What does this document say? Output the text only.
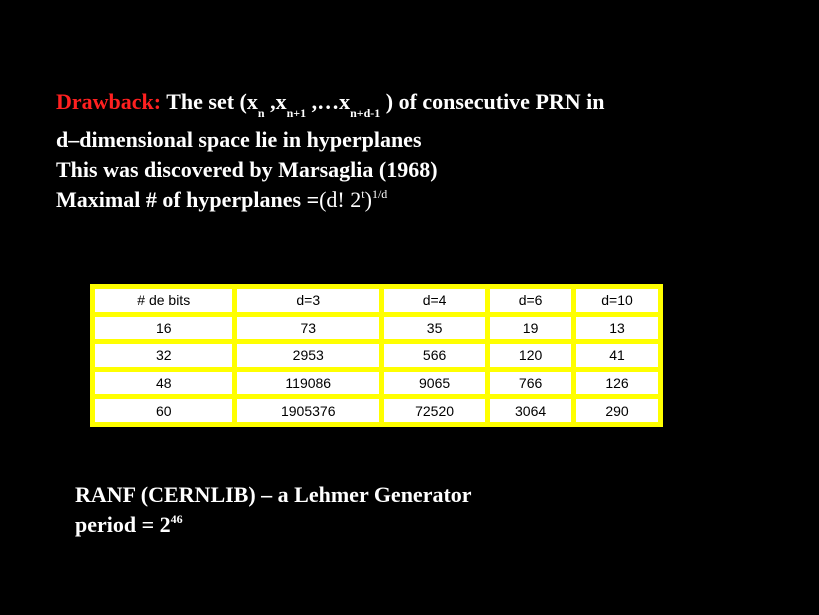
Drawback: The set ($x_n$ $,x_{n+1}$ $,\dots x_{n+d-1}$ ) of consecutive PRN in
d–dimensional space lie in hyperplanes
This was discovered by Marsaglia (1968)
Maximal # of hyperplanes =(d! 2$^t$)$^{1/d}$
# de bits	d=3	d=4	d=6	d=10
16	73	35	19	13
32	2953	566	120	41
48	119086	9065	766	126
60	1905376	72520	3064	290
RANF (CERNLIB) – a Lehmer Generator
period = $2^{46}$
